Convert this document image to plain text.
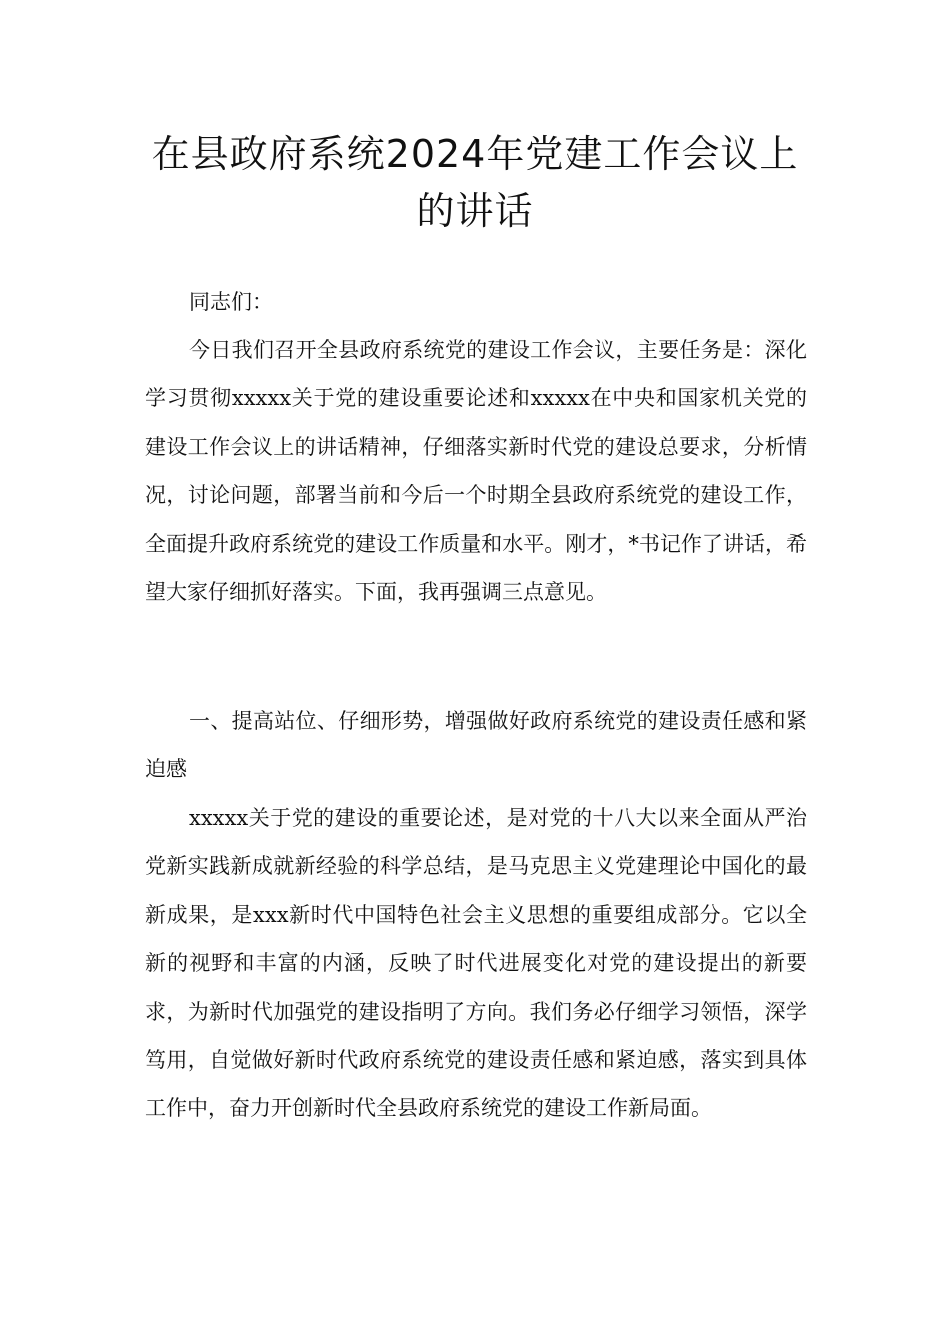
在县政府系统2024年党建工作会议上的讲话

同志们：

今日我们召开全县政府系统党的建设工作会议，主要任务是：深化学习贯彻xxxxx关于党的建设重要论述和xxxxx在中央和国家机关党的建设工作会议上的讲话精神，仔细落实新时代党的建设总要求，分析情况，讨论问题，部署当前和今后一个时期全县政府系统党的建设工作，全面提升政府系统党的建设工作质量和水平。刚才，*书记作了讲话，希望大家仔细抓好落实。下面，我再强调三点意见。

一、提高站位、仔细形势，增强做好政府系统党的建设责任感和紧迫感

xxxxx关于党的建设的重要论述，是对党的十八大以来全面从严治党新实践新成就新经验的科学总结，是马克思主义党建理论中国化的最新成果，是xxx新时代中国特色社会主义思想的重要组成部分。它以全新的视野和丰富的内涵，反映了时代进展变化对党的建设提出的新要求，为新时代加强党的建设指明了方向。我们务必仔细学习领悟，深学笃用，自觉做好新时代政府系统党的建设责任感和紧迫感，落实到具体工作中，奋力开创新时代全县政府系统党的建设工作新局面。
